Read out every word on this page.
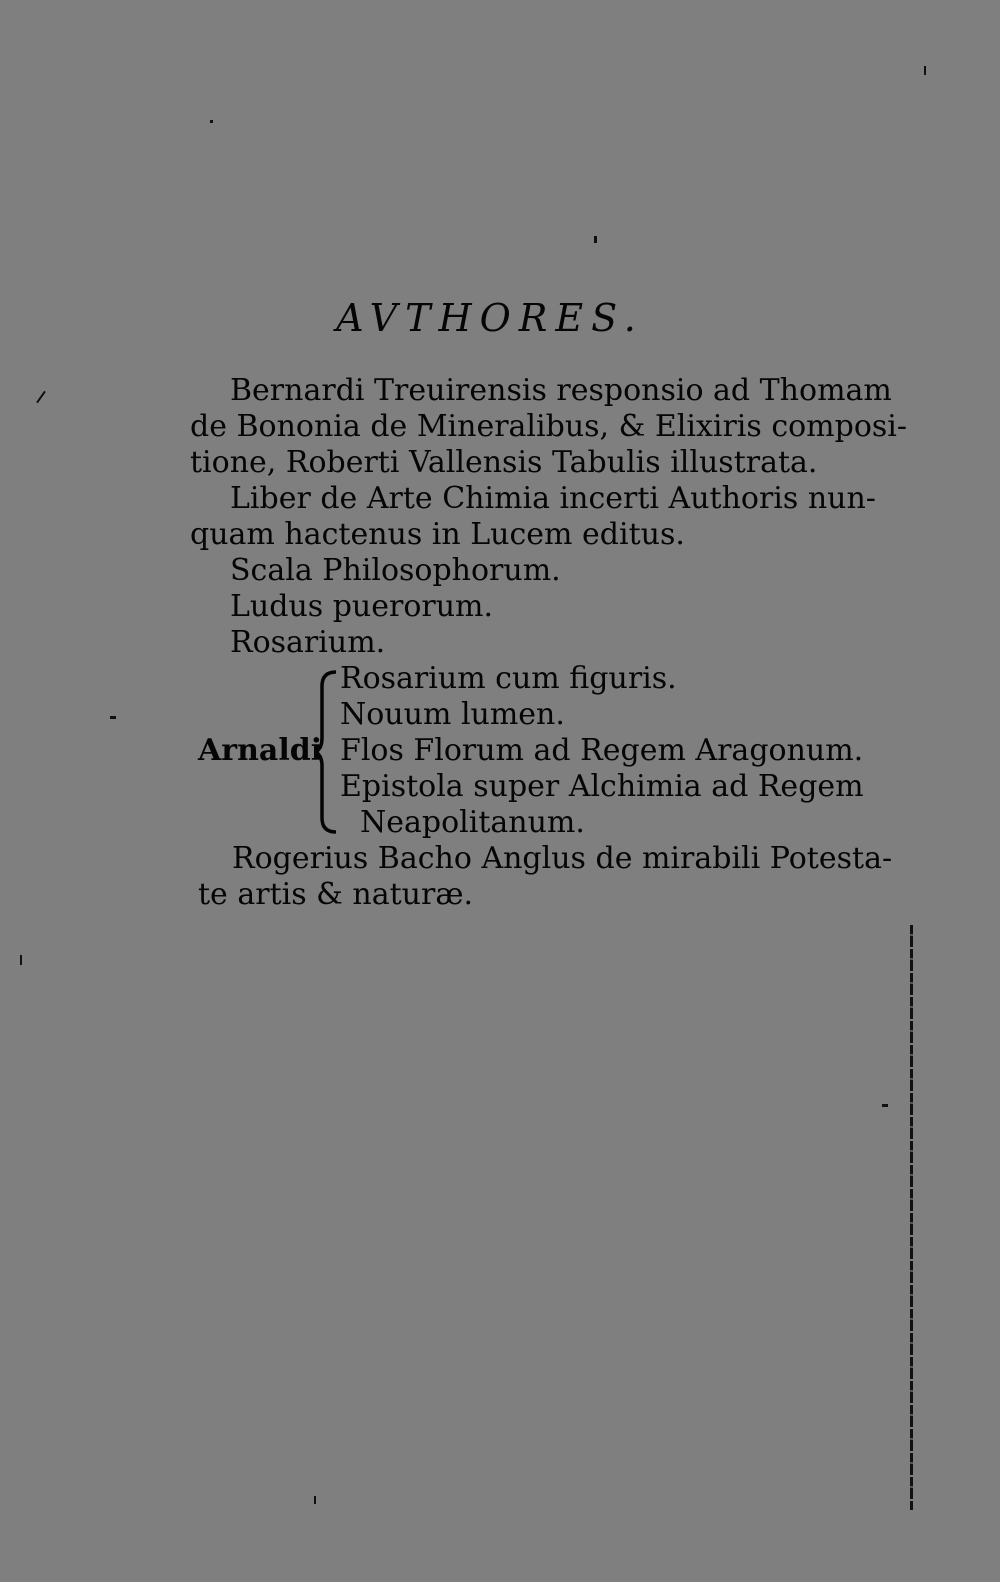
AVTHORES.
Bernardi Treuirensis responsio ad Thomam
de Bononia de Mineralibus, & Elixiris composi-
tione, Roberti Vallensis Tabulis illustrata.
Liber de Arte Chimia incerti Authoris nun-
quam hactenus in Lucem editus.
Scala Philosophorum.
Ludus puerorum.
Rosarium.
Arnaldi
Rosarium cum figuris.
Nouum lumen.
Flos Florum ad Regem Aragonum.
Epistola super Alchimia ad Regem
Neapolitanum.
Rogerius Bacho Anglus de mirabili Potesta-
te artis & naturæ.
